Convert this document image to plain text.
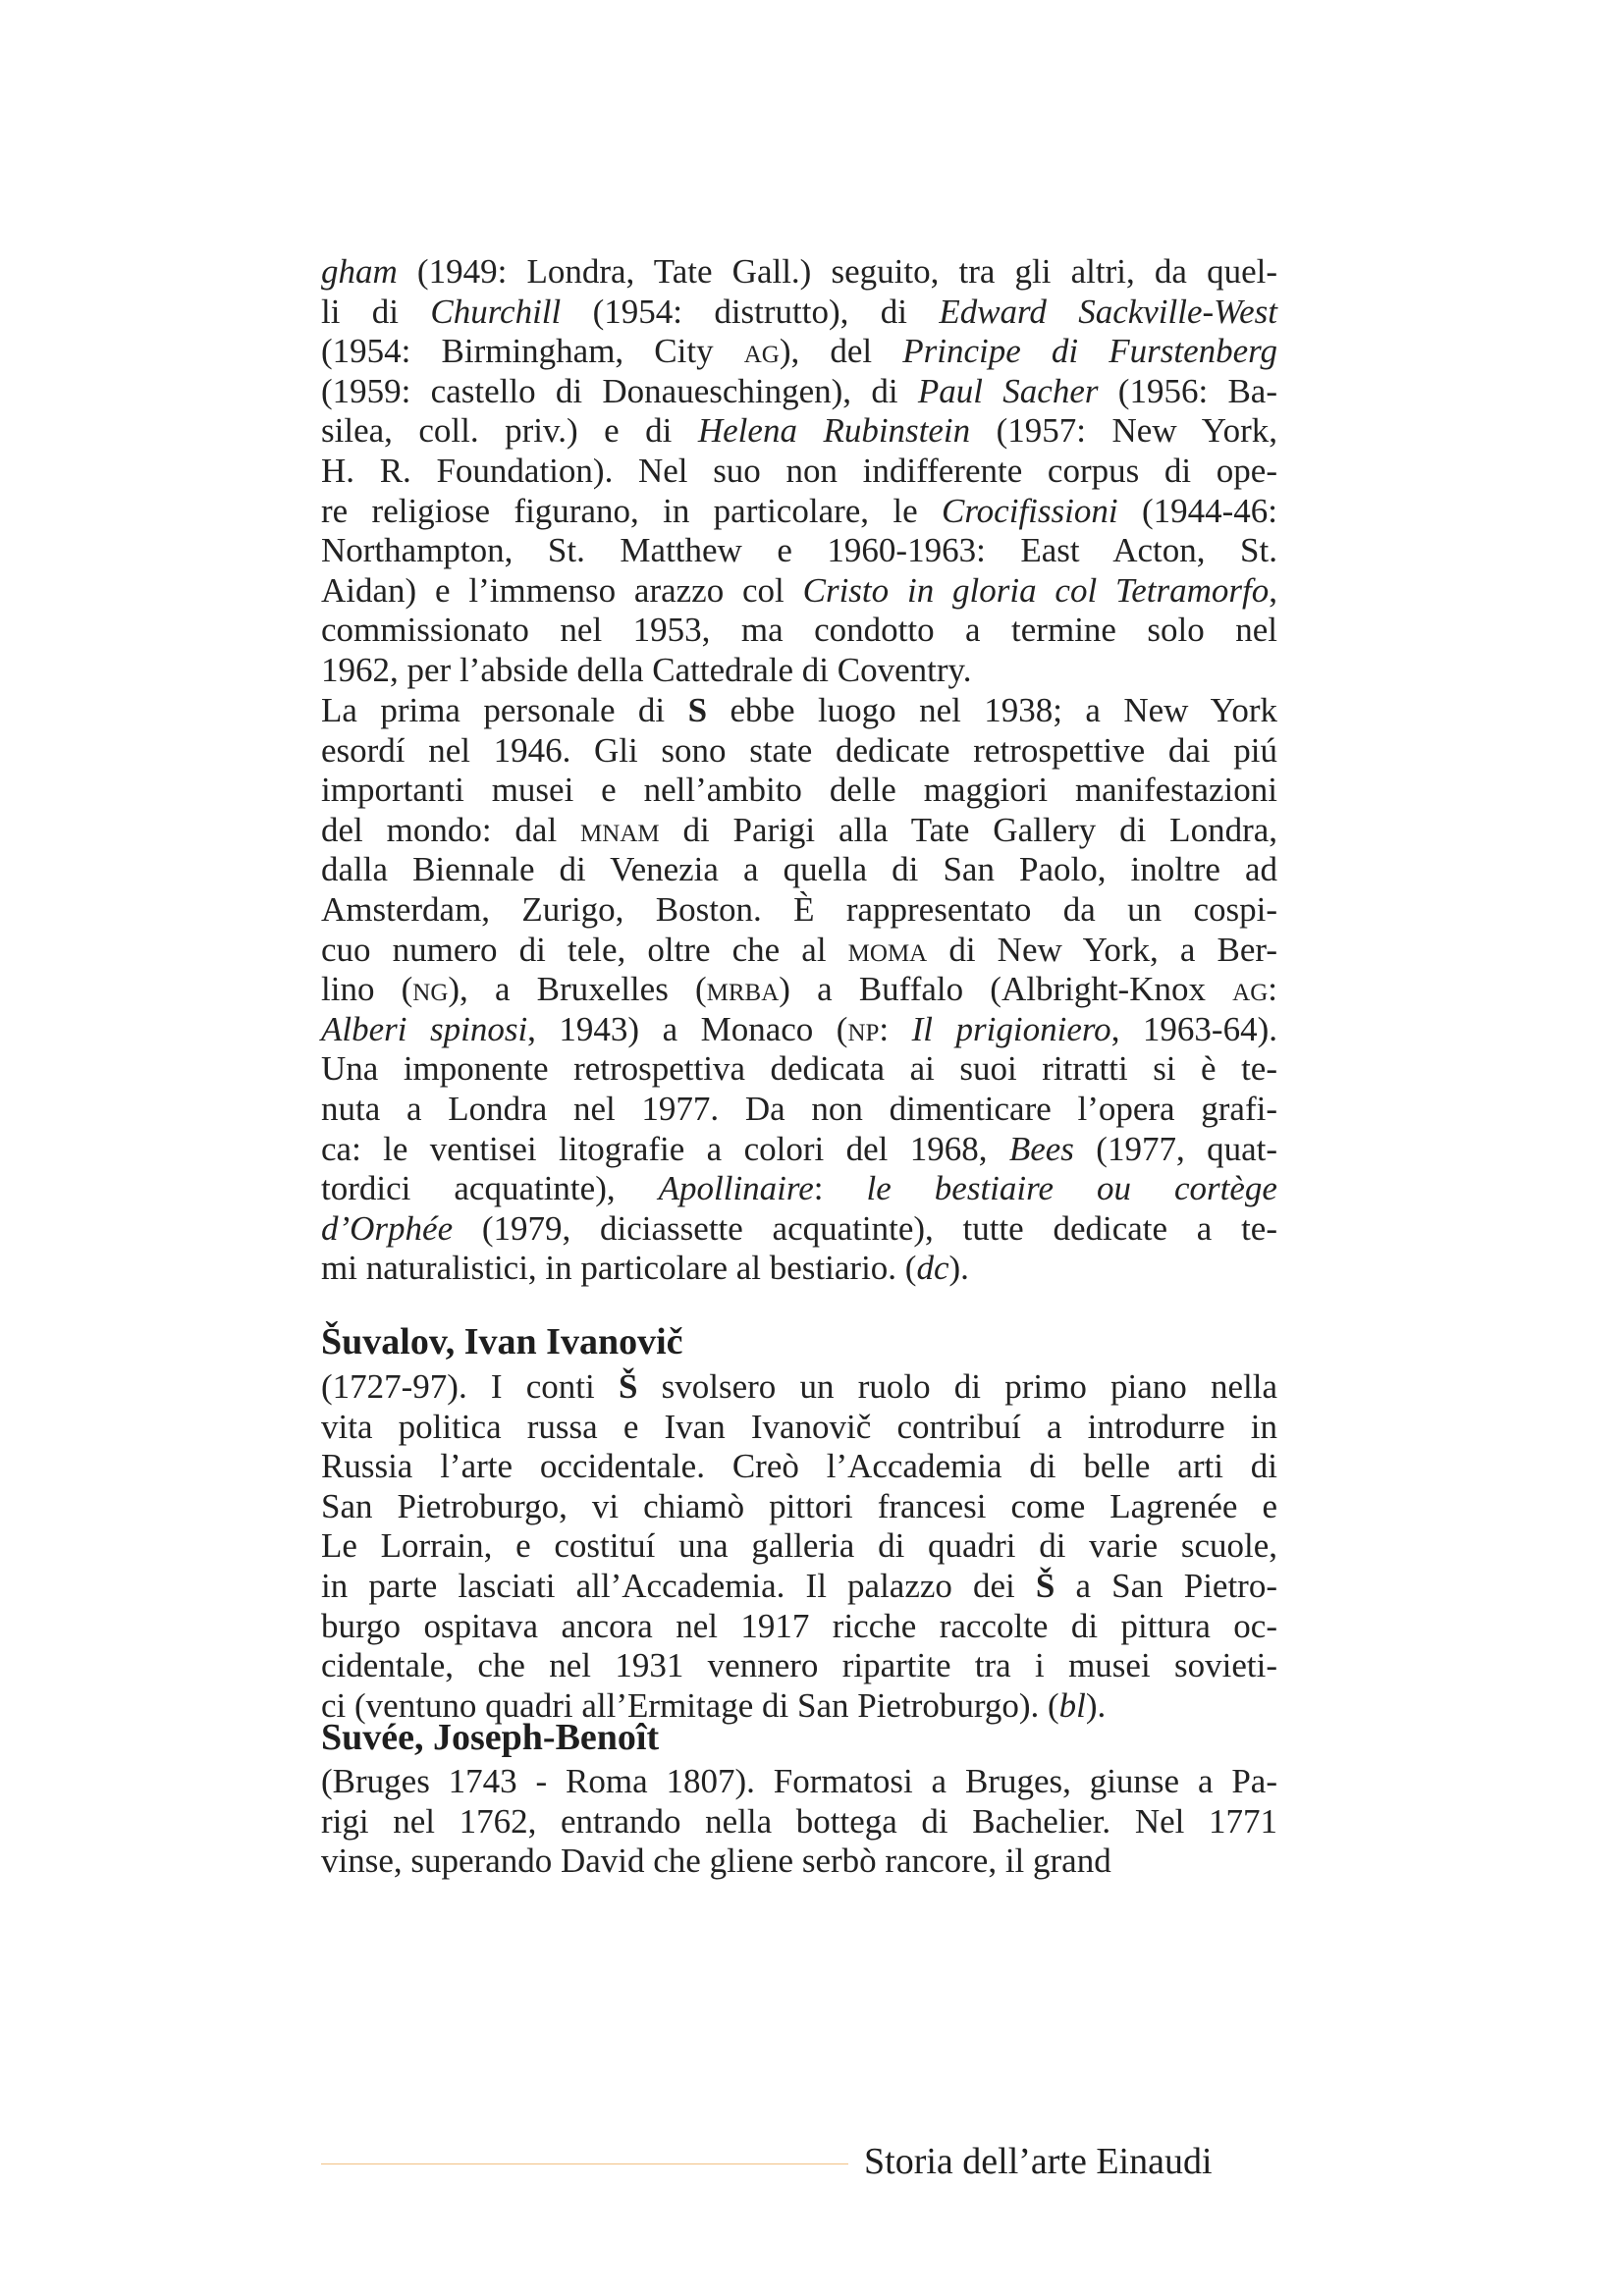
gham (1949: Londra, Tate Gall.) seguito, tra gli altri, da quel-
li di Churchill (1954: distrutto), di Edward Sackville-West
(1954: Birmingham, City ag), del Principe di Furstenberg
(1959: castello di Donaueschingen), di Paul Sacher (1956: Ba-
silea, coll. priv.) e di Helena Rubinstein (1957: New York,
H. R. Foundation). Nel suo non indifferente corpus di ope-
re religiose figurano, in particolare, le Crocifissioni (1944-46:
Northampton, St. Matthew e 1960-1963: East Acton, St.
Aidan) e l’immenso arazzo col Cristo in gloria col Tetramorfo,
commissionato nel 1953, ma condotto a termine solo nel
1962, per l’abside della Cattedrale di Coventry.
La prima personale di S ebbe luogo nel 1938; a New York
esordí nel 1946. Gli sono state dedicate retrospettive dai piú
importanti musei e nell’ambito delle maggiori manifestazioni
del mondo: dal mnam di Parigi alla Tate Gallery di Londra,
dalla Biennale di Venezia a quella di San Paolo, inoltre ad
Amsterdam, Zurigo, Boston. È rappresentato da un cospi-
cuo numero di tele, oltre che al moma di New York, a Ber-
lino (ng), a Bruxelles (mrba) a Buffalo (Albright-Knox ag:
Alberi spinosi, 1943) a Monaco (np: Il prigioniero, 1963-64).
Una imponente retrospettiva dedicata ai suoi ritratti si è te-
nuta a Londra nel 1977. Da non dimenticare l’opera grafi-
ca: le ventisei litografie a colori del 1968, Bees (1977, quat-
tordici acquatinte), Apollinaire: le bestiaire ou cortège
d’Orphée (1979, diciassette acquatinte), tutte dedicate a te-
mi naturalistici, in particolare al bestiario. (dc).
Šuvalov, Ivan Ivanovič
(1727-97). I conti Š svolsero un ruolo di primo piano nella
vita politica russa e Ivan Ivanovič contribuí a introdurre in
Russia l’arte occidentale. Creò l’Accademia di belle arti di
San Pietroburgo, vi chiamò pittori francesi come Lagrenée e
Le Lorrain, e costituí una galleria di quadri di varie scuole,
in parte lasciati all’Accademia. Il palazzo dei Š a San Pietro-
burgo ospitava ancora nel 1917 ricche raccolte di pittura oc-
cidentale, che nel 1931 vennero ripartite tra i musei sovieti-
ci (ventuno quadri all’Ermitage di San Pietroburgo). (bl).
Suvée, Joseph-Benoît
(Bruges 1743 - Roma 1807). Formatosi a Bruges, giunse a Pa-
rigi nel 1762, entrando nella bottega di Bachelier. Nel 1771
vinse, superando David che gliene serbò rancore, il grand
Storia dell’arte Einaudi
